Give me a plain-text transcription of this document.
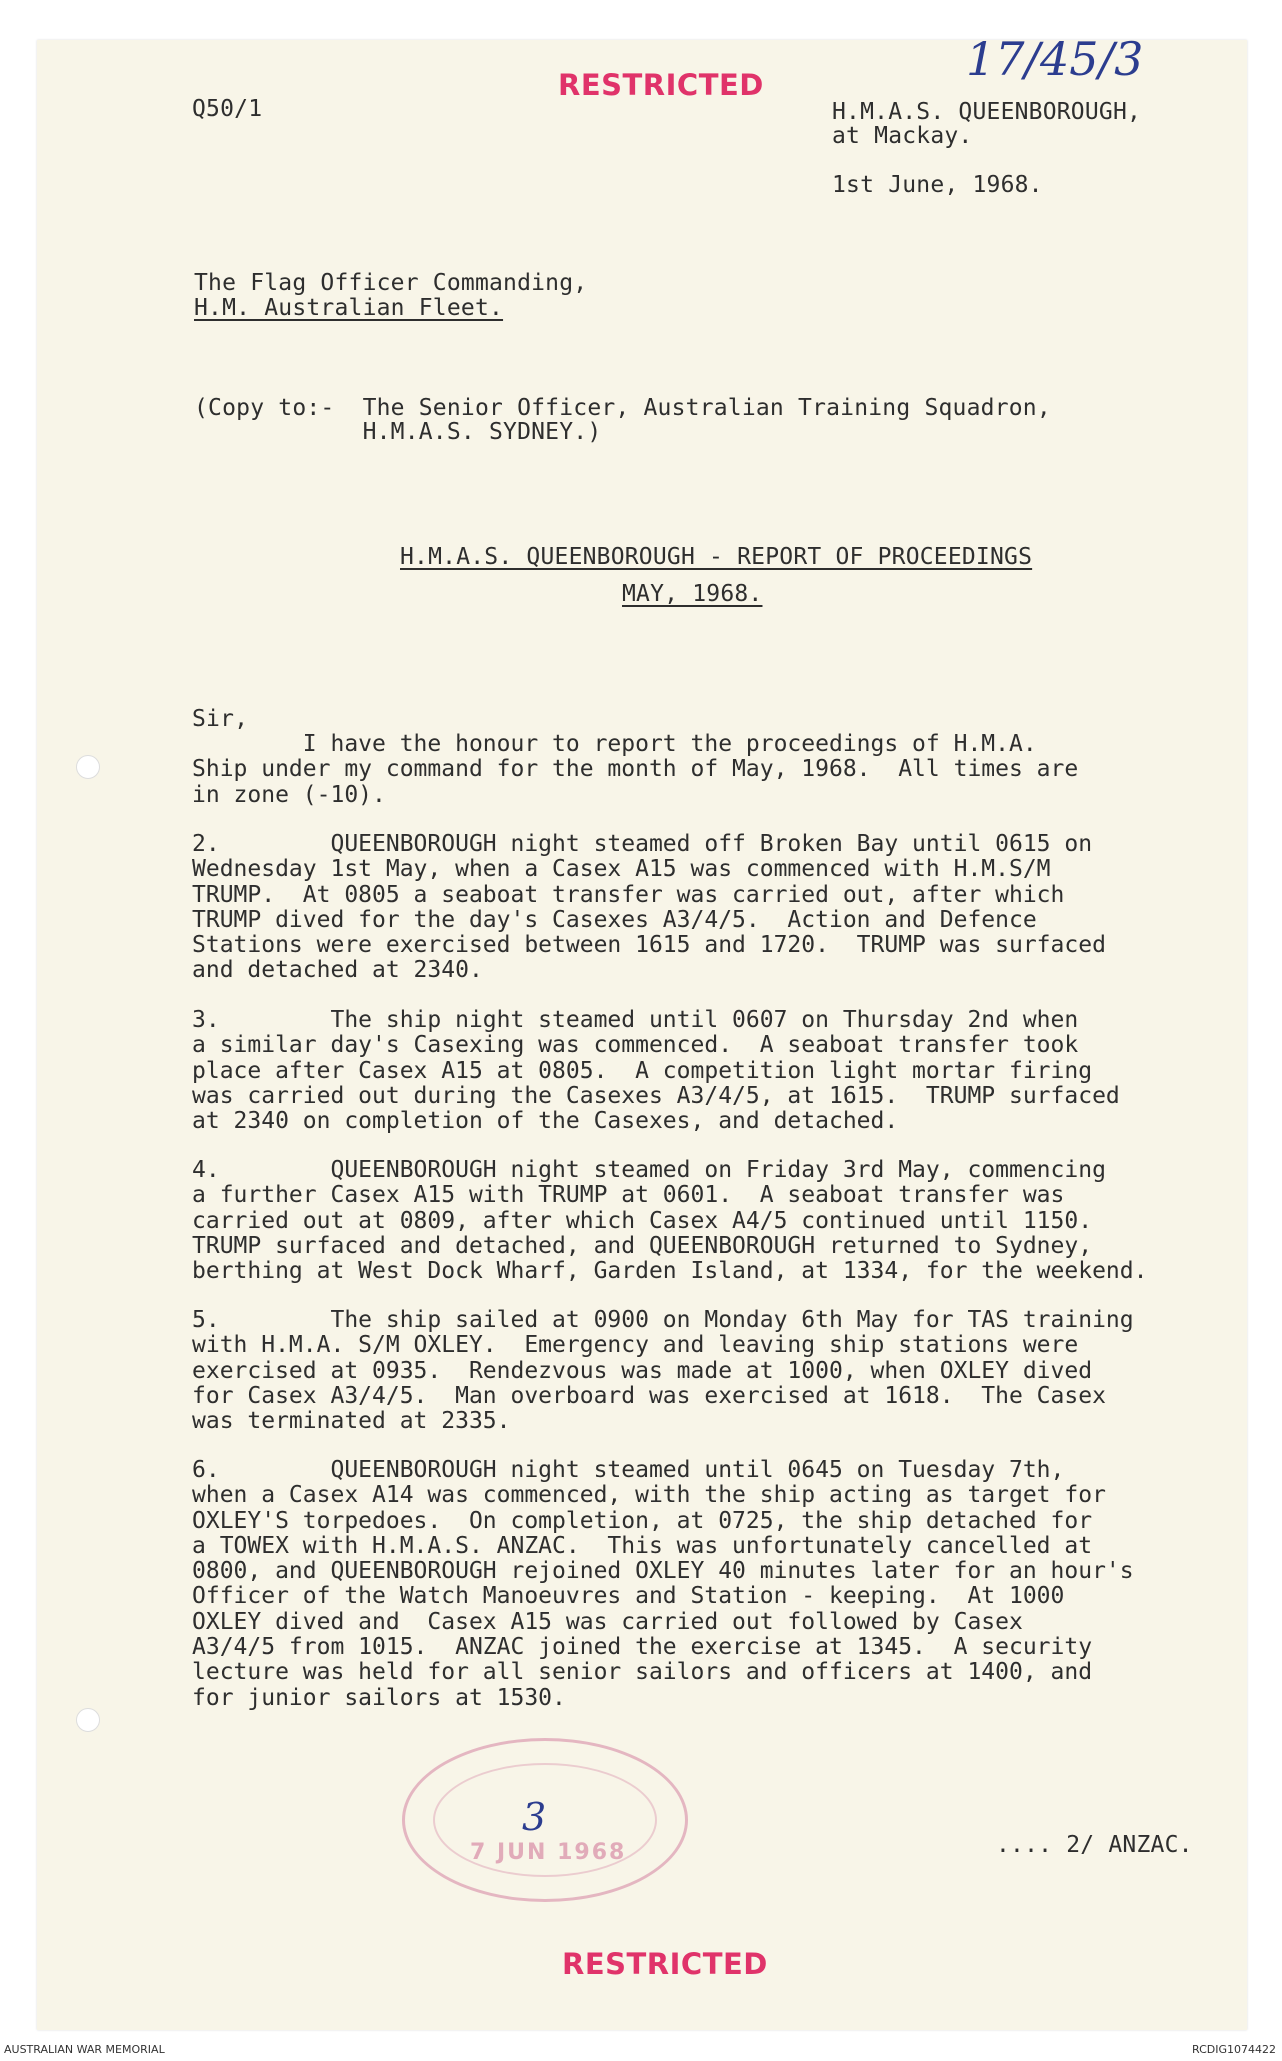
Q50/1
RESTRICTED	17/45/3
H.M.A.S. QUEENBOROUGH,
at Mackay.
1st June, 1968.
The Flag Officer Commanding,
H.M. Australian Fleet.
(Copy to:-  The Senior Officer, Australian Training Squadron,
H.M.A.S. SYDNEY.)
H.M.A.S. QUEENBOROUGH - REPORT OF PROCEEDINGS
MAY, 1968.
Sir,
I have the honour to report the proceedings of H.M.A.
Ship under my command for the month of May, 1968.  All times are
in zone (-10).
2.        QUEENBOROUGH night steamed off Broken Bay until 0615 on
Wednesday 1st May, when a Casex A15 was commenced with H.M.S/M
TRUMP.  At 0805 a seaboat transfer was carried out, after which
TRUMP dived for the day's Casexes A3/4/5.  Action and Defence
Stations were exercised between 1615 and 1720.  TRUMP was surfaced
and detached at 2340.
3.        The ship night steamed until 0607 on Thursday 2nd when
a similar day's Casexing was commenced.  A seaboat transfer took
place after Casex A15 at 0805.  A competition light mortar firing
was carried out during the Casexes A3/4/5, at 1615.  TRUMP surfaced
at 2340 on completion of the Casexes, and detached.
4.        QUEENBOROUGH night steamed on Friday 3rd May, commencing
a further Casex A15 with TRUMP at 0601.  A seaboat transfer was
carried out at 0809, after which Casex A4/5 continued until 1150.
TRUMP surfaced and detached, and QUEENBOROUGH returned to Sydney,
berthing at West Dock Wharf, Garden Island, at 1334, for the weekend.
5.        The ship sailed at 0900 on Monday 6th May for TAS training
with H.M.A. S/M OXLEY.  Emergency and leaving ship stations were
exercised at 0935.  Rendezvous was made at 1000, when OXLEY dived
for Casex A3/4/5.  Man overboard was exercised at 1618.  The Casex
was terminated at 2335.
6.        QUEENBOROUGH night steamed until 0645 on Tuesday 7th,
when a Casex A14 was commenced, with the ship acting as target for
OXLEY'S torpedoes.  On completion, at 0725, the ship detached for
a TOWEX with H.M.A.S. ANZAC.  This was unfortunately cancelled at
0800, and QUEENBOROUGH rejoined OXLEY 40 minutes later for an hour's
Officer of the Watch Manoeuvres and Station - keeping.  At 1000
OXLEY dived and  Casex A15 was carried out followed by Casex
A3/4/5 from 1015.  ANZAC joined the exercise at 1345.  A security
lecture was held for all senior sailors and officers at 1400, and
for junior sailors at 1530.
3
7 JUN 1968	.... 2/ ANZAC.
RESTRICTED
AUSTRALIAN WAR MEMORIAL	RCDIG1074422
